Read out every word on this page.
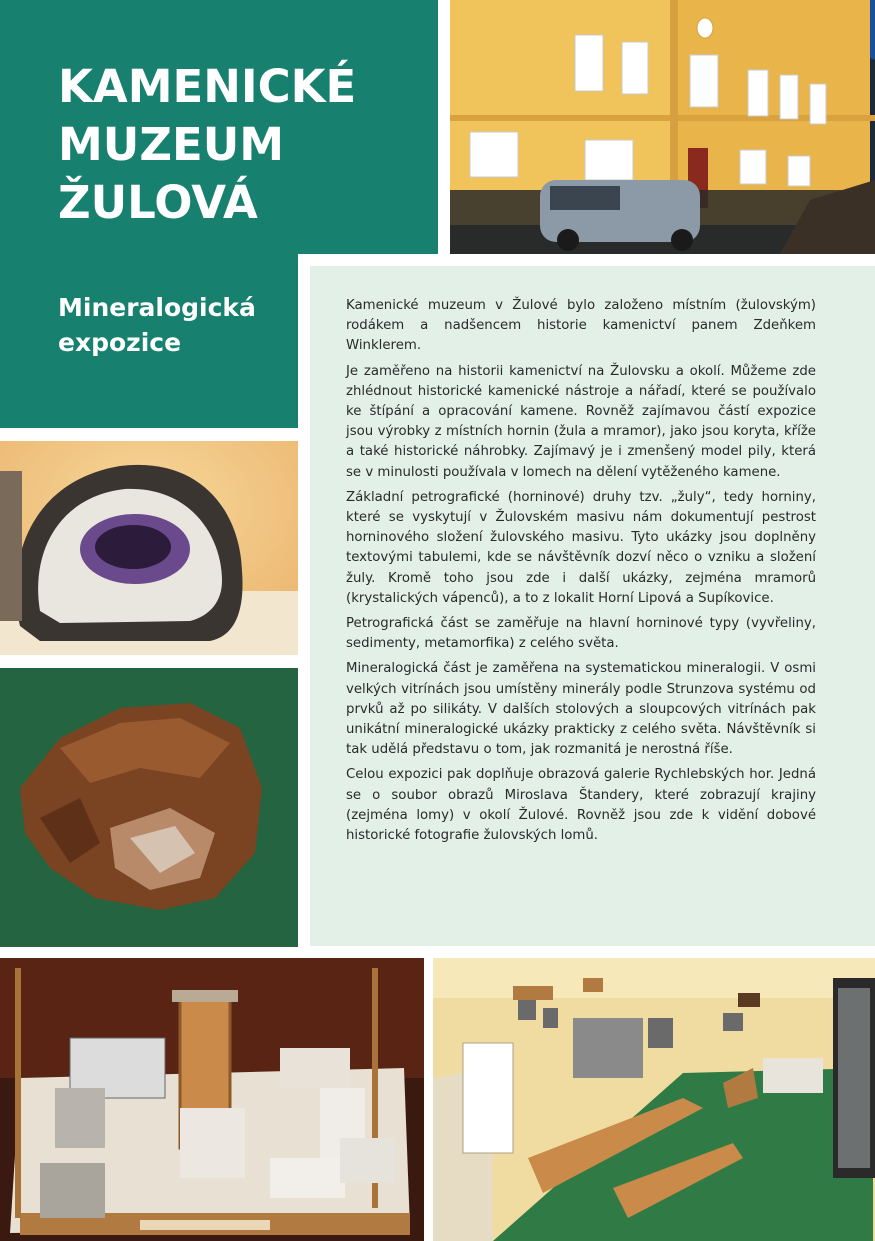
KAMENICKÉ
MUZEUM
ŽULOVÁ
Mineralogická
expozice

Kamenické muzeum v Žulové bylo založeno místním (žulovským) rodákem a nadšencem historie kamenictví panem Zdeňkem Winklerem.

Je zaměřeno na historii kamenictví na Žulovsku a okolí. Můžeme zde zhlédnout historické kamenické nástroje a nářadí, které se používalo ke štípání a opracování kamene. Rovněž zajímavou částí expozice jsou výrobky z místních hornin (žula a mramor), jako jsou koryta, kříže a také historické náhrobky. Zajímavý je i zmenšený model pily, která se v minulosti používala v lomech na dělení vytěženého kamene.

Základní petrografické (horninové) druhy tzv. „žuly“, tedy horniny, které se vyskytují v Žulovském masivu nám dokumentují pestrost horninového složení žulovského masivu. Tyto ukázky jsou doplněny textovými tabulemi, kde se návštěvník dozví něco o vzniku a složení žuly. Kromě toho jsou zde i další ukázky, zejména mramorů (krystalických vápenců), a to z lokalit Horní Lipová a Supíkovice.

Petrografická část se zaměřuje na hlavní horninové typy (vyvřeliny, sedimenty, metamorfika) z celého světa.

Mineralogická část je zaměřena na systematickou mineralogii. V osmi velkých vitrínách jsou umístěny minerály podle Strunzova systému od prvků až po silikáty. V dalších stolových a sloupcových vitrínách pak unikátní mineralogické ukázky prakticky z celého světa. Návštěvník si tak udělá představu o tom, jak rozmanitá je nerostná říše.

Celou expozici pak doplňuje obrazová galerie Rychlebských hor. Jedná se o soubor obrazů Miroslava Štandery, které zobrazují krajiny (zejména lomy) v okolí Žulové. Rovněž jsou zde k vidění dobové historické fotografie žulovských lomů.
